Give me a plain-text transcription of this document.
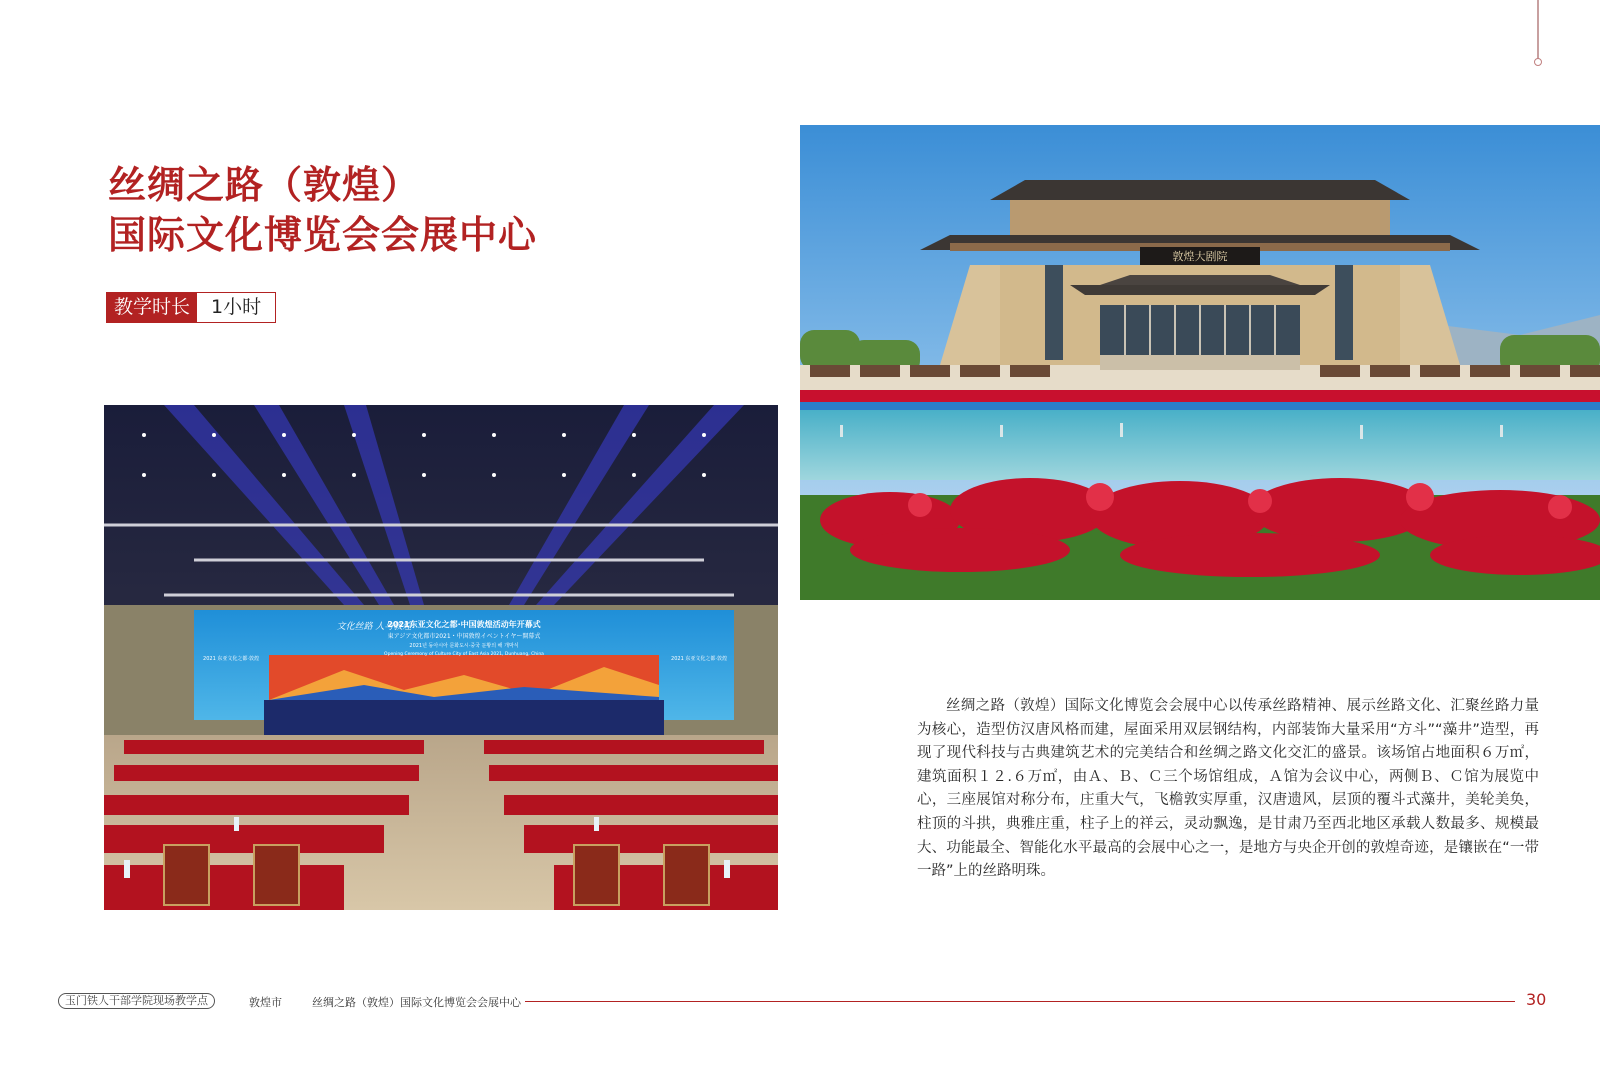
丝绸之路（敦煌）
国际文化博览会会展中心
教学时长	1小时
敦煌大剧院
2021东亚文化之都·中国敦煌活动年开幕式
東アジア文化都市2021・中国敦煌イベントイヤー開幕式
2021년 동아시아 문화도시·중국 둔황의 해 개막식
Opening Ceremony of Culture City of East Asia 2021, Dunhuang, China
文化丝路 人与敦煌
2021 东亚文化之都·敦煌	2021 东亚文化之都·敦煌

丝绸之路（敦煌）国际文化博览会会展中心以传承丝路精神、展示丝路文化、汇聚丝路力量为核心，造型仿汉唐风格而建，屋面采用双层钢结构，内部装饰大量采用“方斗”“藻井”造型，再现了现代科技与古典建筑艺术的完美结合和丝绸之路文化交汇的盛景。该场馆占地面积６万㎡，建筑面积１２.６万㎡，由Ａ、Ｂ、Ｃ三个场馆组成，Ａ馆为会议中心，两侧Ｂ、Ｃ馆为展览中心，三座展馆对称分布，庄重大气，飞檐敦实厚重，汉唐遗风，层顶的覆斗式藻井，美轮美奂，柱顶的斗拱，典雅庄重，柱子上的祥云，灵动飘逸，是甘肃乃至西北地区承载人数最多、规模最大、功能最全、智能化水平最高的会展中心之一，是地方与央企开创的敦煌奇迹，是镶嵌在“一带一路”上的丝路明珠。

玉门铁人干部学院现场教学点	敦煌市	丝绸之路（敦煌）国际文化博览会会展中心	30
